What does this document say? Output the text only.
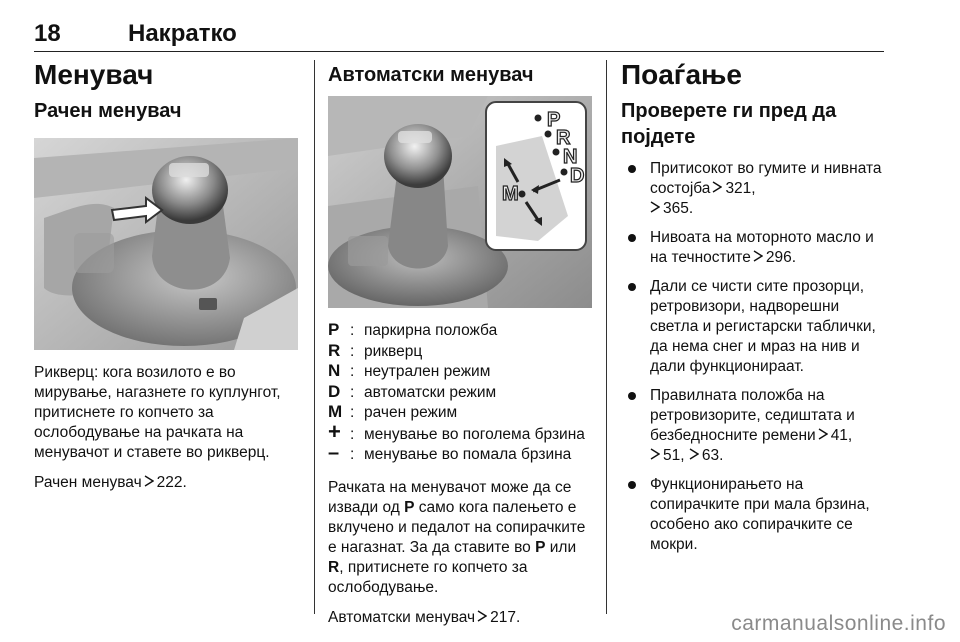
18	Накратко
Менувач
Рачен менувач

Рикверц: кога возилото е во мирување, нагазнете го куплунгот, притиснете го копчето за ослободување на рачката на менувачот и ставете во рикверц.

Рачен менувач 222.

Автоматски менувач
P
R
N
D
M
P : паркирна положба
R : рикверц
N : неутрален режим
D : автоматски режим
M : рачен режим
+ : менување во поголема брзина
– : менување во помала брзина

Рачката на менувачот може да се извади од P само кога палењето е вклучено и педалот на сопирачките е нагазнат. За да ставите во P или R, притиснете го копчето за ослободување.

Автоматски менувач 217.

Поаѓање
Проверете ги пред да појдете
Притисокот во гумите и нивната состојба 321,
365.
Нивоата на моторното масло и на течностите 296.
Дали се чисти сите прозорци, ретровизори, надворешни светла и регистарски таблички, да нема снег и мраз на нив и дали функционираат.
Правилната положба на ретровизорите, седиштата и безбедносните ремени 41,
51, 63.
Функционирањето на сопирачките при мала брзина, особено ако сопирачките се мокри.
carmanualsonline.info
